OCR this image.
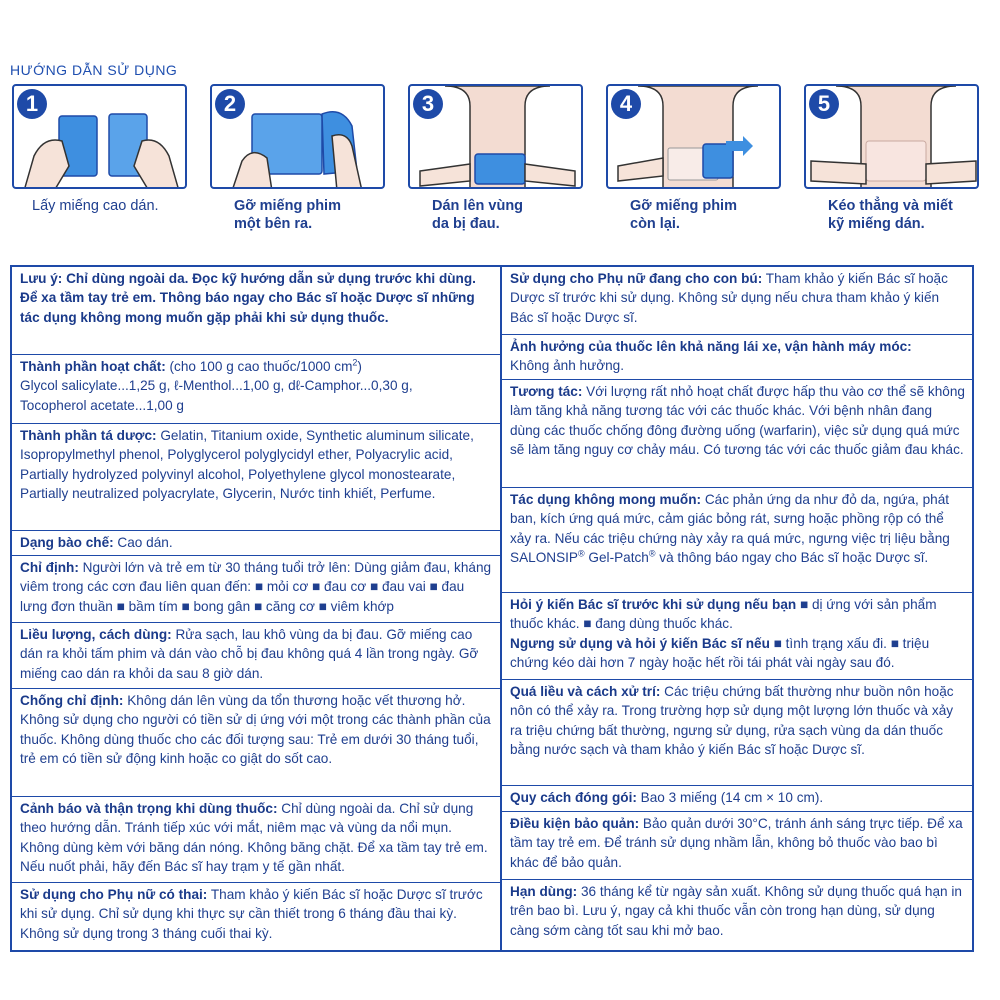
HƯỚNG DẪN SỬ DỤNG
1
Lấy miếng cao dán.
2
Gỡ miếng phim
một bên ra.
3
Dán lên vùng
da bị đau.
4
Gỡ miếng phim
còn lại.
5
Kéo thẳng và miết
kỹ miếng dán.
Lưu ý: Chỉ dùng ngoài da. Đọc kỹ hướng dẫn sử dụng trước khi dùng. Để xa tầm tay trẻ em. Thông báo ngay cho Bác sĩ hoặc Dược sĩ những tác dụng không mong muốn gặp phải khi sử dụng thuốc.
Thành phần hoạt chất: (cho 100 g cao thuốc/1000 $cm^2$)
Glycol salicylate...1,25 g, ℓ-Menthol...1,00 g, dℓ-Camphor...0,30 g,
Tocopherol acetate...1,00 g
Thành phần tá dược: Gelatin, Titanium oxide, Synthetic aluminum silicate, Isopropylmethyl phenol, Polyglycerol polyglycidyl ether, Polyacrylic acid, Partially hydrolyzed polyvinyl alcohol, Polyethylene glycol monostearate, Partially neutralized polyacrylate, Glycerin, Nước tinh khiết, Perfume.
Dạng bào chế: Cao dán.
Chỉ định: Người lớn và trẻ em từ 30 tháng tuổi trở lên: Dùng giảm đau, kháng viêm trong các cơn đau liên quan đến: ■ mỏi cơ ■ đau cơ ■ đau vai ■ đau lưng đơn thuần ■ bầm tím ■ bong gân ■ căng cơ ■ viêm khớp
Liều lượng, cách dùng: Rửa sạch, lau khô vùng da bị đau. Gỡ miếng cao dán ra khỏi tấm phim và dán vào chỗ bị đau không quá 4 lần trong ngày. Gỡ miếng cao dán ra khỏi da sau 8 giờ dán.
Chống chỉ định: Không dán lên vùng da tổn thương hoặc vết thương hở. Không sử dụng cho người có tiền sử dị ứng với một trong các thành phần của thuốc. Không dùng thuốc cho các đối tượng sau: Trẻ em dưới 30 tháng tuổi, trẻ em có tiền sử động kinh hoặc co giật do sốt cao.
Cảnh báo và thận trọng khi dùng thuốc: Chỉ dùng ngoài da. Chỉ sử dụng theo hướng dẫn. Tránh tiếp xúc với mắt, niêm mạc và vùng da nổi mụn. Không dùng kèm với băng dán nóng. Không băng chặt. Để xa tầm tay trẻ em. Nếu nuốt phải, hãy đến Bác sĩ hay trạm y tế gần nhất.
Sử dụng cho Phụ nữ có thai: Tham khảo ý kiến Bác sĩ hoặc Dược sĩ trước khi sử dụng. Chỉ sử dụng khi thực sự cần thiết trong 6 tháng đầu thai kỳ. Không sử dụng trong 3 tháng cuối thai kỳ.
Sử dụng cho Phụ nữ đang cho con bú: Tham khảo ý kiến Bác sĩ hoặc Dược sĩ trước khi sử dụng. Không sử dụng nếu chưa tham khảo ý kiến Bác sĩ hoặc Dược sĩ.
Ảnh hưởng của thuốc lên khả năng lái xe, vận hành máy móc:
Không ảnh hưởng.
Tương tác: Với lượng rất nhỏ hoạt chất được hấp thu vào cơ thể sẽ không làm tăng khả năng tương tác với các thuốc khác. Với bệnh nhân đang dùng các thuốc chống đông đường uống (warfarin), việc sử dụng quá mức sẽ làm tăng nguy cơ chảy máu. Có tương tác với các thuốc giảm đau khác.
Tác dụng không mong muốn: Các phản ứng da như đỏ da, ngứa, phát ban, kích ứng quá mức, cảm giác bỏng rát, sưng hoặc phồng rộp có thể xảy ra. Nếu các triệu chứng này xảy ra quá mức, ngưng việc trị liệu bằng SALONSIP® Gel-Patch® và thông báo ngay cho Bác sĩ hoặc Dược sĩ.
Hỏi ý kiến Bác sĩ trước khi sử dụng nếu bạn ■ dị ứng với sản phẩm thuốc khác. ■ đang dùng thuốc khác.
Ngưng sử dụng và hỏi ý kiến Bác sĩ nếu ■ tình trạng xấu đi. ■ triệu chứng kéo dài hơn 7 ngày hoặc hết rồi tái phát vài ngày sau đó.
Quá liều và cách xử trí: Các triệu chứng bất thường như buồn nôn hoặc nôn có thể xảy ra. Trong trường hợp sử dụng một lượng lớn thuốc và xảy ra triệu chứng bất thường, ngưng sử dụng, rửa sạch vùng da dán thuốc bằng nước sạch và tham khảo ý kiến Bác sĩ hoặc Dược sĩ.
Quy cách đóng gói: Bao 3 miếng (14 cm × 10 cm).
Điều kiện bảo quản: Bảo quản dưới 30°C, tránh ánh sáng trực tiếp. Để xa tầm tay trẻ em. Để tránh sử dụng nhầm lẫn, không bỏ thuốc vào bao bì khác để bảo quản.
Hạn dùng: 36 tháng kể từ ngày sản xuất. Không sử dụng thuốc quá hạn in trên bao bì. Lưu ý, ngay cả khi thuốc vẫn còn trong hạn dùng, sử dụng càng sớm càng tốt sau khi mở bao.
